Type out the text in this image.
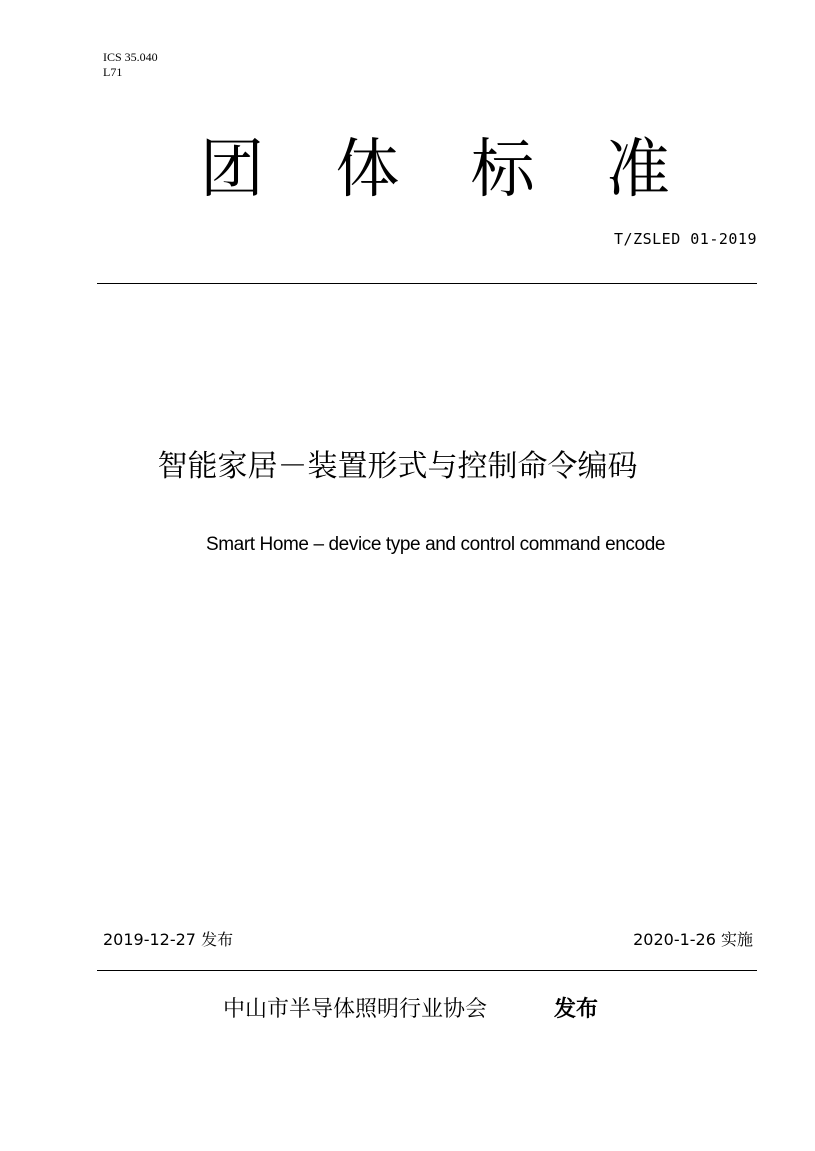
ICS 35.040
L71
团 体 标 准
T/ZSLED 01-2019
智能家居－装置形式与控制命令编码
Smart Home – device type and control command encode
2019-12-27 发布	2020-1-26 实施
中山市半导体照明行业协会	发布
